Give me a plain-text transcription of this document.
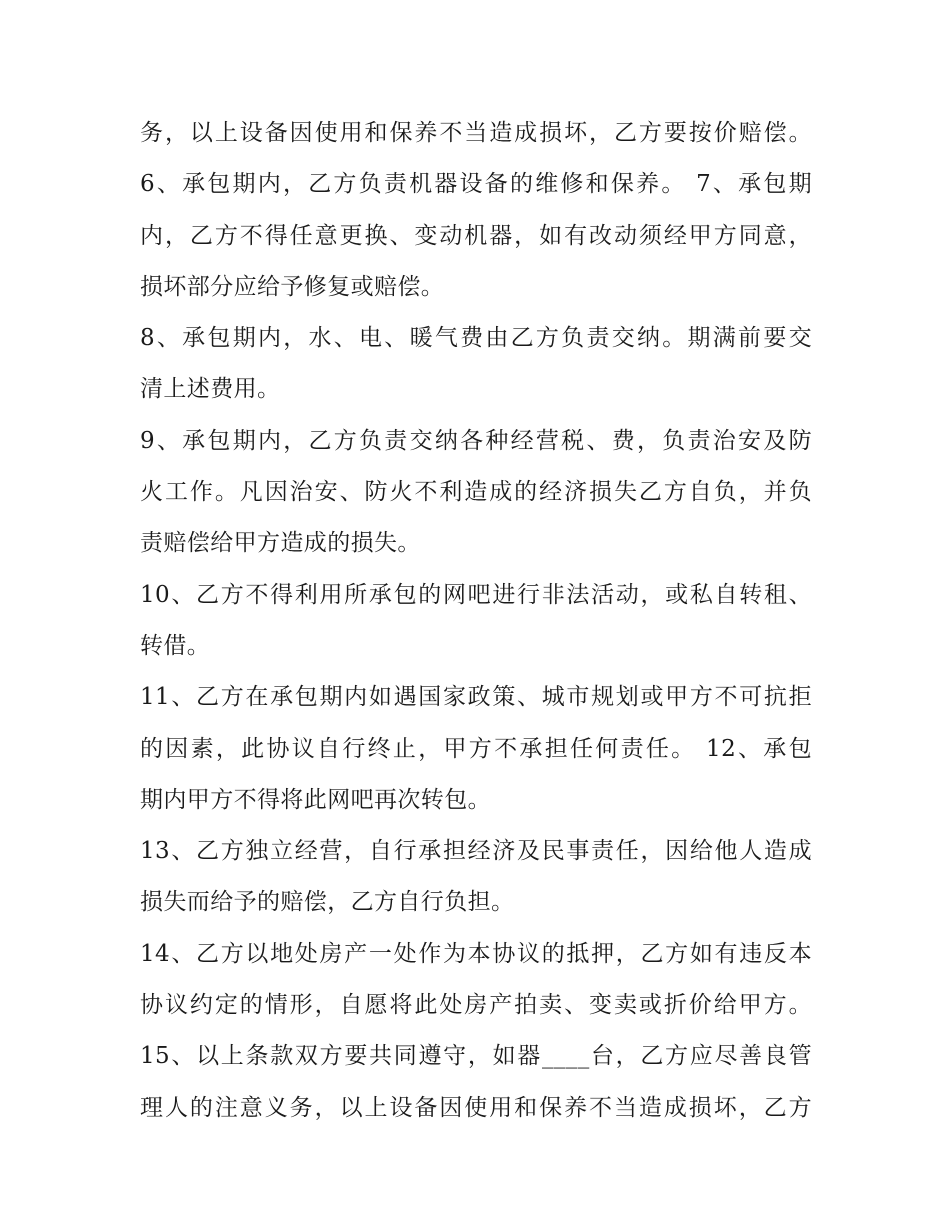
务，以上设备因使用和保养不当造成损坏，乙方要按价赔偿。
6、承包期内，乙方负责机器设备的维修和保养。 7、承包期
内，乙方不得任意更换、变动机器，如有改动须经甲方同意，
损坏部分应给予修复或赔偿。
8、承包期内，水、电、暖气费由乙方负责交纳。期满前要交
清上述费用。
9、承包期内，乙方负责交纳各种经营税、费，负责治安及防
火工作。凡因治安、防火不利造成的经济损失乙方自负，并负
责赔偿给甲方造成的损失。
10、乙方不得利用所承包的网吧进行非法活动，或私自转租、
转借。
11、乙方在承包期内如遇国家政策、城市规划或甲方不可抗拒
的因素，此协议自行终止，甲方不承担任何责任。 12、承包
期内甲方不得将此网吧再次转包。
13、乙方独立经营，自行承担经济及民事责任，因给他人造成
损失而给予的赔偿，乙方自行负担。
14、乙方以地处房产一处作为本协议的抵押，乙方如有违反本
协议约定的情形，自愿将此处房产拍卖、变卖或折价给甲方。
15、以上条款双方要共同遵守，如器____台，乙方应尽善良管
理人的注意义务，以上设备因使用和保养不当造成损坏，乙方
